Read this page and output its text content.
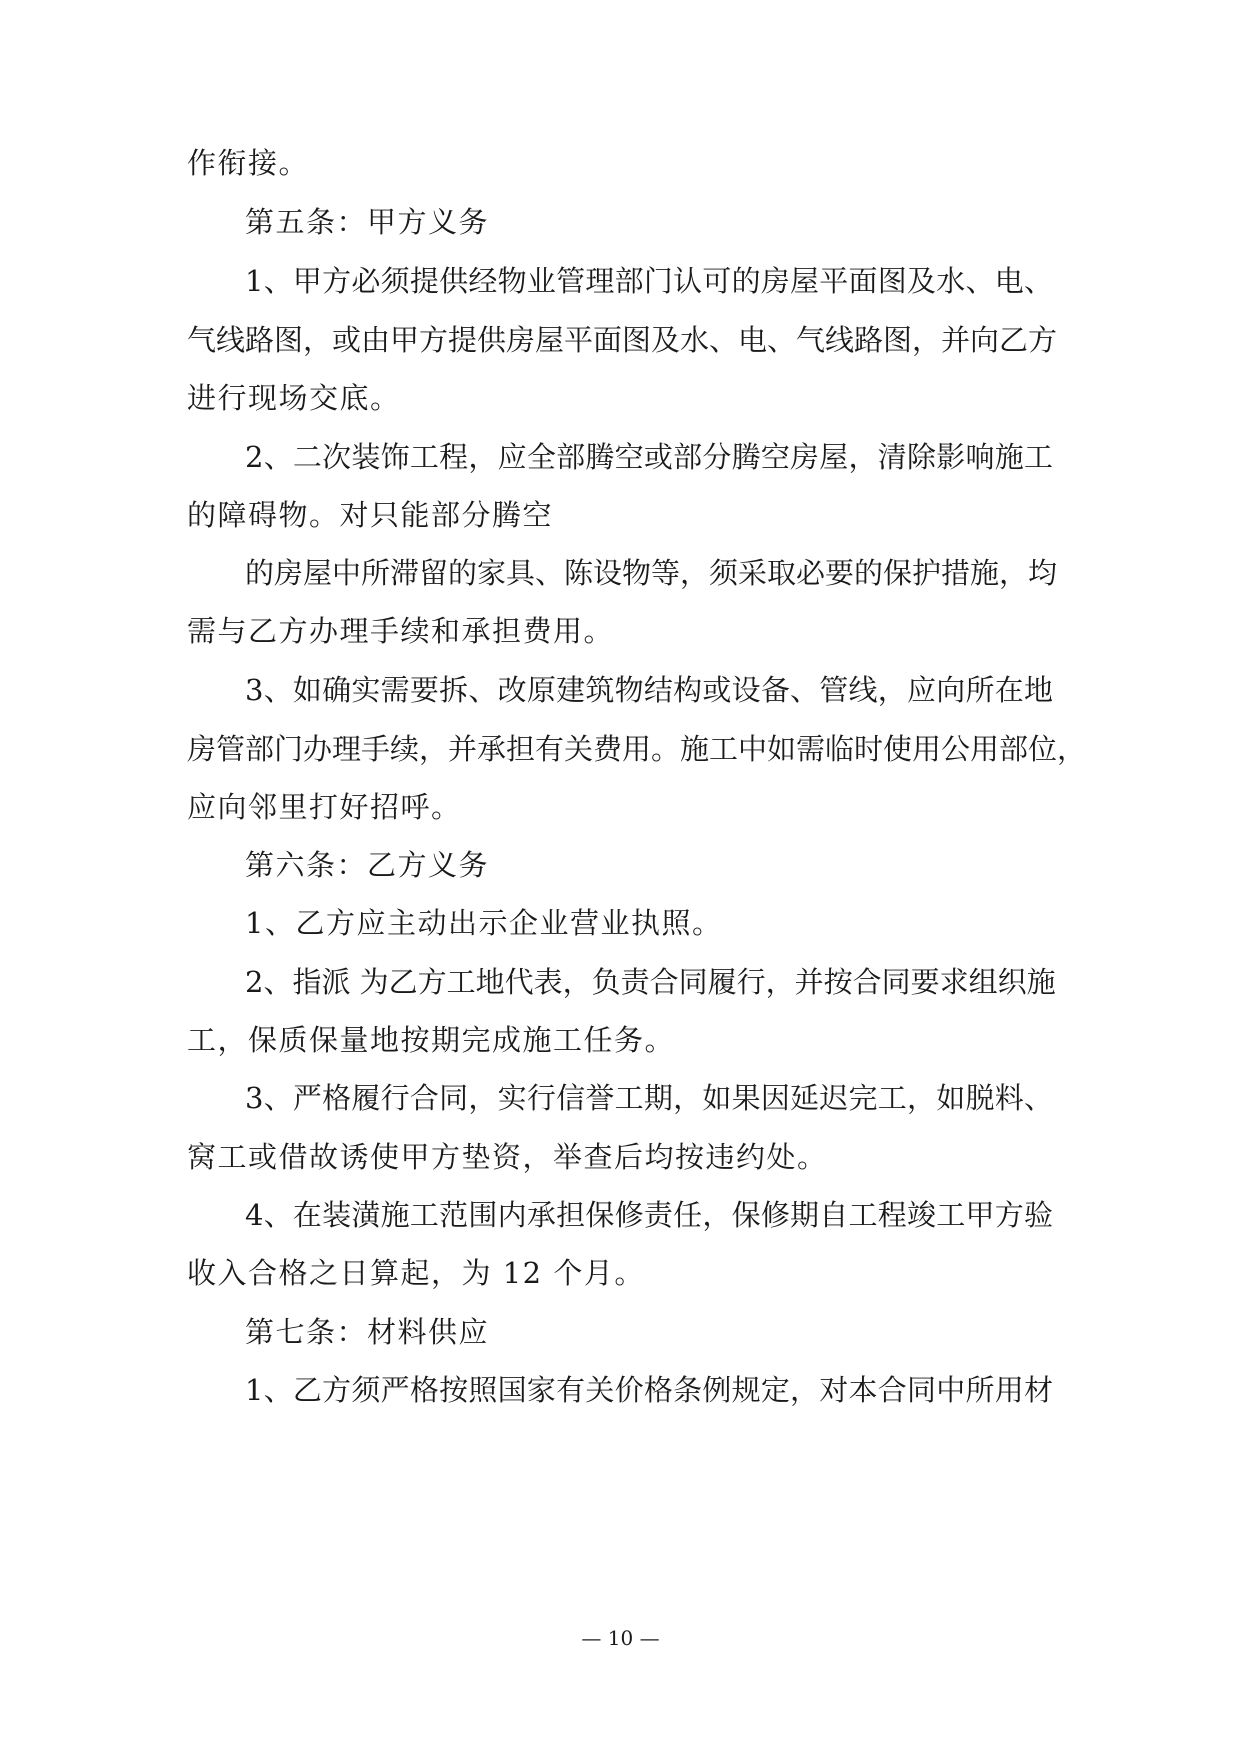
作衔接。
第五条：甲方义务
1、甲方必须提供经物业管理部门认可的房屋平面图及水、电、
气线路图，或由甲方提供房屋平面图及水、电、气线路图，并向乙方
进行现场交底。
2、二次装饰工程，应全部腾空或部分腾空房屋，清除影响施工
的障碍物。对只能部分腾空
的房屋中所滞留的家具、陈设物等，须采取必要的保护措施，均
需与乙方办理手续和承担费用。
3、如确实需要拆、改原建筑物结构或设备、管线，应向所在地
房管部门办理手续，并承担有关费用。施工中如需临时使用公用部位，
应向邻里打好招呼。
第六条：乙方义务
1、乙方应主动出示企业营业执照。
2、指派 为乙方工地代表，负责合同履行，并按合同要求组织施
工，保质保量地按期完成施工任务。
3、严格履行合同，实行信誉工期，如果因延迟完工，如脱料、
窝工或借故诱使甲方垫资，举查后均按违约处。
4、在装潢施工范围内承担保修责任，保修期自工程竣工甲方验
收入合格之日算起，为 12 个月。
第七条：材料供应
1、乙方须严格按照国家有关价格条例规定，对本合同中所用材
— 10 —
